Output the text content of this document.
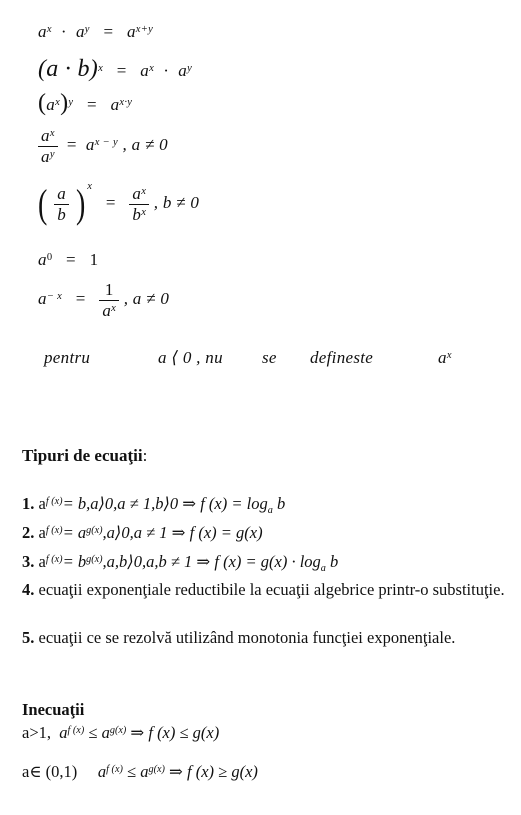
$a^x \cdot a^y = a^{x+y}$
$(a \cdot b)^x = a^x \cdot a^y$
$(a^x)^y = a^{x\cdot y}$
$\frac{a^x}{a^y} = a^{x - y}$ , a ≠ 0
( $\frac{a}{b}$ ) $^x = \frac{a^x}{b^x}$ , b ≠ 0
$a^0 = 1$
$a^{- x} = \frac{1}{a^x}$ , a ≠ 0
pentru	a ⟨ 0 , nu se defineste	$a^x$
Tipuri de ecuaţii:
1. $a^{f (x)}=$ b,a⟩0,a ≠ 1,b⟩0 ⇒ f $(x) = \log_a b$
2. $a^{f (x)}=$ $a^{g(x)},a⟩0,a \ne 1$ ⇒ f (x) = g(x)
3. $a^{f (x)}=$ $b^{g(x)},a,b⟩0,a,b \ne 1$ ⇒ f $(x) = g(x) \cdot \log_a b$
4. ecuaţii exponenţiale reductibile la ecuaţii algebrice printr-o substituţie.
5. ecuaţii ce se rezolvă utilizând monotonia funcţiei exponenţiale.
Inecuaţii
a>1, $a^{f (x)} \le a^{g(x)}$ ⇒ f (x) ≤ g(x)
a∈ (0,1) $a^{f (x)} \le a^{g(x)}$ ⇒ f (x) ≥ g(x)
